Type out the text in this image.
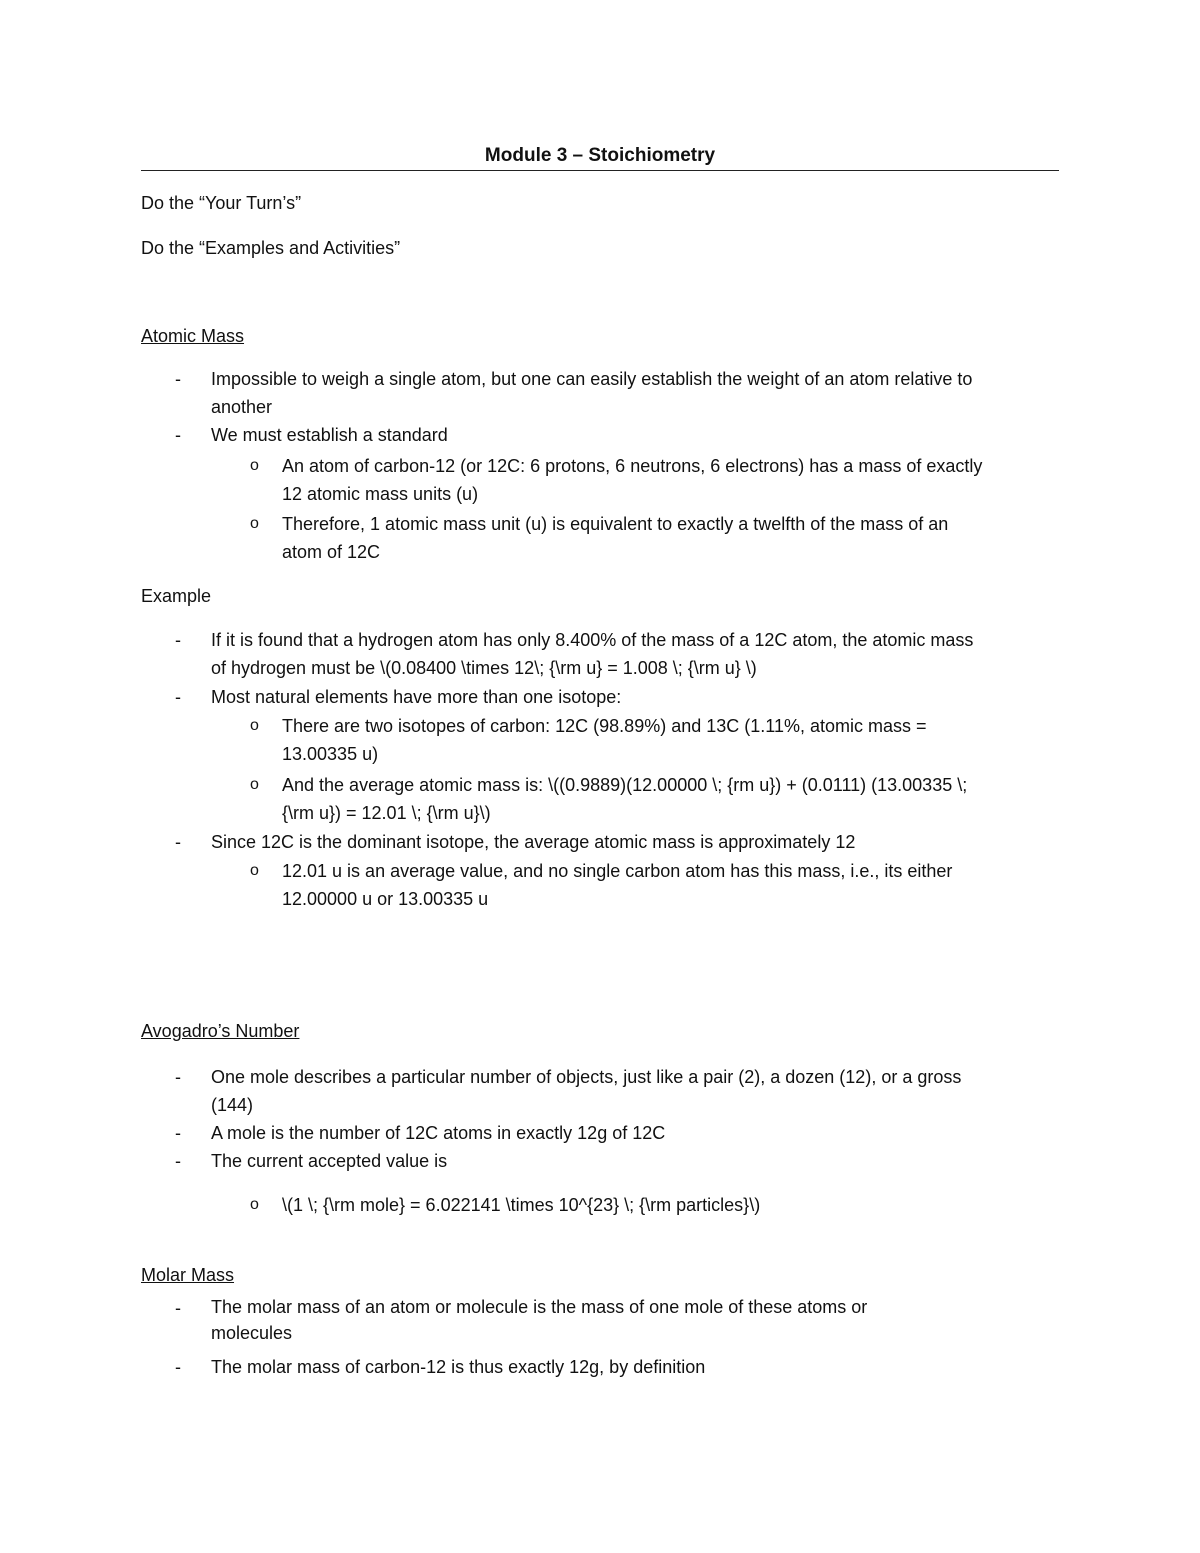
Module 3 – Stoichiometry
Do the “Your Turn’s”
Do the “Examples and Activities”
Atomic Mass
-	Impossible to weigh a single atom, but one can easily establish the weight of an atom relative to
another
-	We must establish a standard
o	An atom of carbon-12 (or 12C: 6 protons, 6 neutrons, 6 electrons) has a mass of exactly
12 atomic mass units (u)
o	Therefore, 1 atomic mass unit (u) is equivalent to exactly a twelfth of the mass of an
atom of 12C
Example
-	If it is found that a hydrogen atom has only 8.400% of the mass of a 12C atom, the atomic mass
of hydrogen must be \(0.08400 \times 12\; {\rm u} = 1.008 \; {\rm u} \)
-	Most natural elements have more than one isotope:
o	There are two isotopes of carbon: 12C (98.89%) and 13C (1.11%, atomic mass =
13.00335 u)
o	And the average atomic mass is: \((0.9889)(12.00000 \; {rm u}) + (0.0111) (13.00335 \;
{\rm u}) = 12.01 \; {\rm u}\)
-	Since 12C is the dominant isotope, the average atomic mass is approximately 12
o	12.01 u is an average value, and no single carbon atom has this mass, i.e., its either
12.00000 u or 13.00335 u
Avogadro’s Number
-	One mole describes a particular number of objects, just like a pair (2), a dozen (12), or a gross
(144)
-	A mole is the number of 12C atoms in exactly 12g of 12C
-	The current accepted value is
o	\(1 \; {\rm mole} = 6.022141 \times 10^{23} \; {\rm particles}\)
Molar Mass
-	The molar mass of an atom or molecule is the mass of one mole of these atoms or
molecules
-	The molar mass of carbon-12 is thus exactly 12g, by definition
